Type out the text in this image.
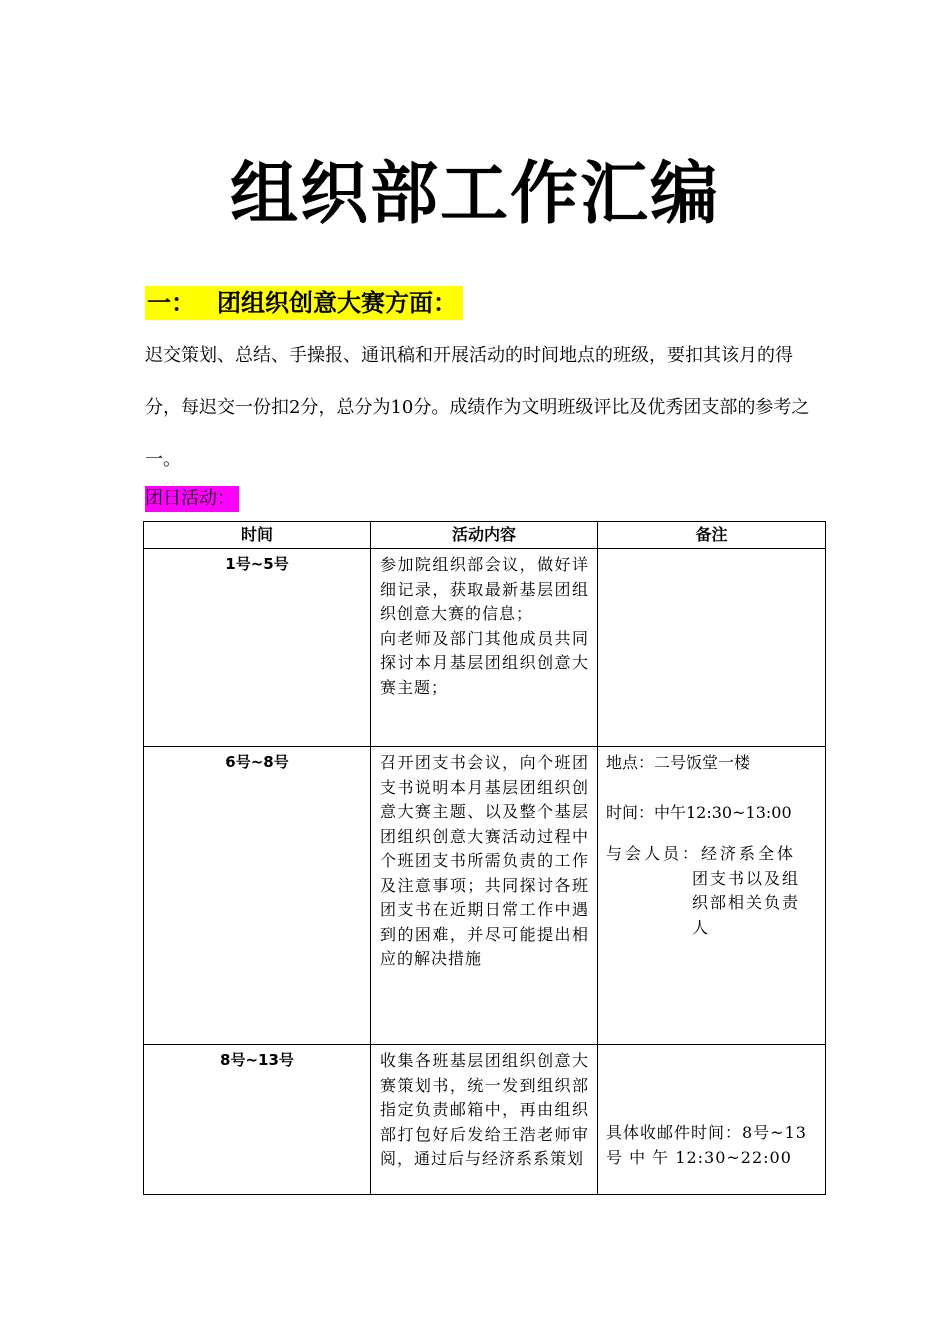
组织部工作汇编
一： 团组织创意大赛方面：

迟交策划、总结、手操报、通讯稿和开展活动的时间地点的班级，要扣其该月的得分，每迟交一份扣2分，总分为10分。成绩作为文明班级评比及优秀团支部的参考之一。

团日活动：
时间	活动内容	备注
1号~5号	参加院组织部会议，做好详细记录，获取最新基层团组织创意大赛的信息；
向老师及部门其他成员共同探讨本月基层团组织创意大赛主题；	

6号~8号	召开团支书会议，向个班团支书说明本月基层团组织创意大赛主题、以及整个基层团组织创意大赛活动过程中个班团支书所需负责的工作及注意事项；共同探讨各班团支书在近期日常工作中遇到的困难，并尽可能提出相应的解决措施	地点：二号饭堂一楼

时间：中午12:30~13:00

与会人员：经济系全体

团支书以及组织部相关负责人

8号~13号	收集各班基层团组织创意大赛策划书，统一发到组织部指定负责邮箱中，再由组织部打包好后发给王浩老师审阅，通过后与经济系系策划	具体收邮件时间：8号~13 号 中 午 12:30~22:00
